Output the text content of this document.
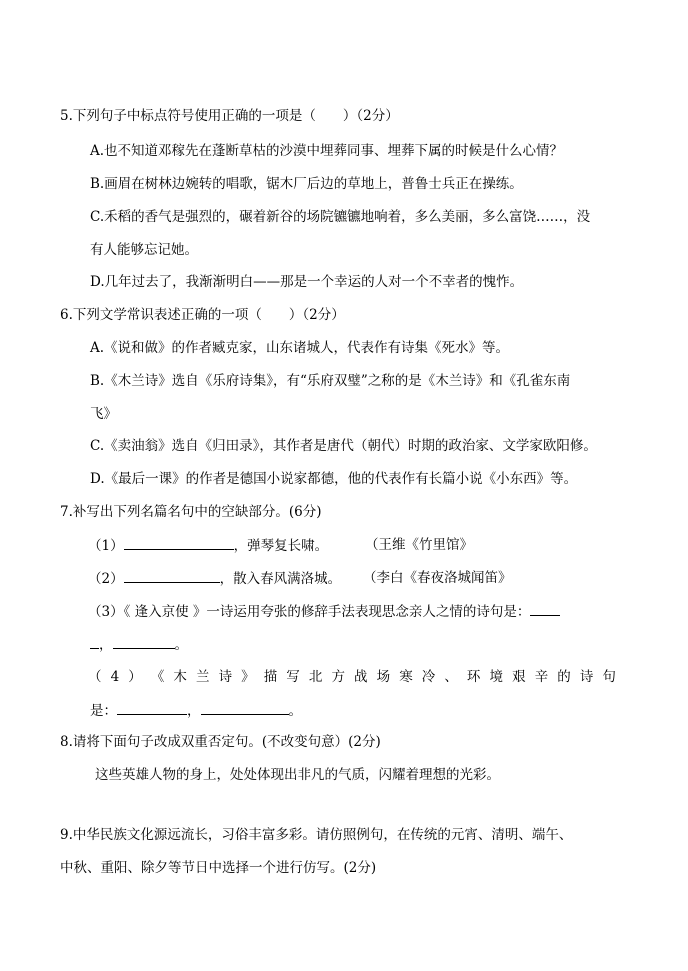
5.下列句子中标点符号使用正确的一项是（　　）（2分）
A.也不知道邓稼先在蓬断草枯的沙漠中埋葬同事、埋葬下属的时候是什么心情？
B.画眉在树林边婉转的唱歌，锯木厂后边的草地上，普鲁士兵正在操练。
C.禾稻的香气是强烈的，碾着新谷的场院镳镳地响着，多么美丽，多么富饶……，没
有人能够忘记她。
D.几年过去了，我渐渐明白——那是一个幸运的人对一个不幸者的愧怍。
6.下列文学常识表述正确的一项（　　）（2分）
A.《说和做》的作者臧克家，山东诸城人，代表作有诗集《死水》等。
B.《木兰诗》选自《乐府诗集》，有“乐府双璧”之称的是《木兰诗》和《孔雀东南
飞》
C.《卖油翁》选自《归田录》，其作者是唐代（朝代）时期的政治家、文学家欧阳修。
D.《最后一课》的作者是德国小说家都德，他的代表作有长篇小说《小东西》等。
7.补写出下列名篇名句中的空缺部分。(6分)
（1）	，弹琴复长啸。	（王维《竹里馆》
（2）	，散入春风满洛城。 （李白《春夜洛城闻笛》
（3）《 逢入京使 》一诗运用夸张的修辞手法表现思念亲人之情的诗句是：
，	。
（ 4 ） 《 木 兰 诗 》 描 写 北 方 战 场 寒 冷 、 环 境 艰 辛 的 诗 句
是：	，	。
8.请将下面句子改成双重否定句。(不改变句意）(2分)
这些英雄人物的身上，处处体现出非凡的气质，闪耀着理想的光彩。
9.中华民族文化源远流长，习俗丰富多彩。请仿照例句，在传统的元宵、清明、端午、
中秋、重阳、除夕等节日中选择一个进行仿写。(2分)
